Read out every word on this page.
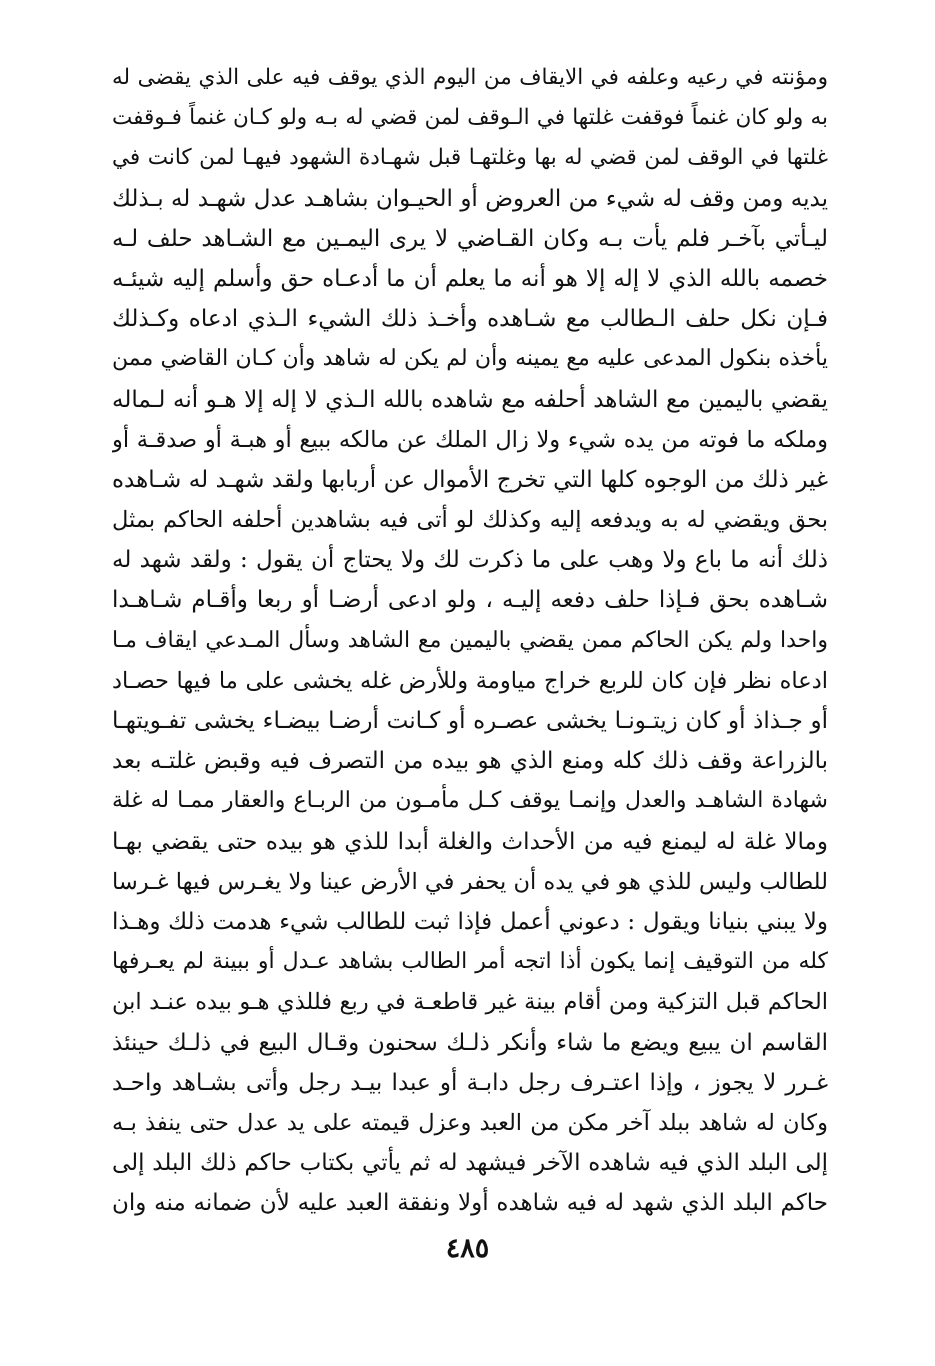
ومؤنته في رعيه وعلفه في الايقاف من اليوم الذي يوقف فيه على الذي يقضى له
به ولو كان غنماً فوقفت غلتها في الـوقف لمن قضي له بـه ولو كـان غنماً فـوقفت
غلتها في الوقف لمن قضي له بها وغلتهـا قبل شهـادة الشهود فيهـا لمن كانت في
يديه ومن وقف له شيء من العروض أو الحيـوان بشاهـد عدل شهـد له بـذلك
ليـأتي بآخـر فلم يأت بـه وكان القـاضي لا يرى اليمـين مع الشـاهد حلف لـه
خصمه بالله الذي لا إله إلا هو أنه ما يعلم أن ما أدعـاه حق وأسلم إليه شيئـه
فـإن نكل حلف الـطالب مع شـاهده وأخـذ ذلك الشيء الـذي ادعاه وكـذلك
يأخذه بنكول المدعى عليه مع يمينه وأن لم يكن له شاهد وأن كـان القاضي ممن
يقضي باليمين مع الشاهد أحلفه مع شاهده بالله الـذي لا إله إلا هـو أنه لـماله
وملكه ما فوته من يده شيء ولا زال الملك عن مالكه ببيع أو هبـة أو صدقـة أو
غير ذلك من الوجوه كلها التي تخرج الأموال عن أربابها ولقد شهـد له شـاهده
بحق ويقضي له به ويدفعه إليه وكذلك لو أتى فيه بشاهدين أحلفه الحاكم بمثل
ذلك أنه ما باع ولا وهب على ما ذكرت لك ولا يحتاج أن يقول : ولقد شهد له
شـاهده بحق فـإذا حلف دفعه إليـه ، ولو ادعى أرضـا أو ربعا وأقـام شـاهـدا
واحدا ولم يكن الحاكم ممن يقضي باليمين مع الشاهد وسأل المـدعي ايقاف مـا
ادعاه نظر فإن كان للربع خراج مياومة وللأرض غله يخشى على ما فيها حصـاد
أو جـذاذ أو كان زيتـونـا يخشى عصـره أو كـانت أرضـا بيضـاء يخشى تفـويتهـا
بالزراعة وقف ذلك كله ومنع الذي هو بيده من التصرف فيه وقبض غلتـه بعد
شهادة الشاهـد والعدل وإنمـا يوقف كـل مأمـون من الربـاع والعقار ممـا له غلة
ومالا غلة له ليمنع فيه من الأحداث والغلة أبدا للذي هو بيده حتى يقضي بهـا
للطالب وليس للذي هو في يده أن يحفر في الأرض عينا ولا يغـرس فيها غـرسا
ولا يبني بنيانا ويقول : دعوني أعمل فإذا ثبت للطالب شيء هدمت ذلك وهـذا
كله من التوقيف إنما يكون أذا اتجه أمر الطالب بشاهد عـدل أو ببينة لم يعـرفها
الحاكم قبل التزكية ومن أقام بينة غير قاطعـة في ربع فللذي هـو بيده عنـد ابن
القاسم ان يبيع ويضع ما شاء وأنكر ذلـك سحنون وقـال البيع في ذلـك حينئذ
غـرر لا يجوز ، وإذا اعتـرف رجل دابـة أو عبدا بيـد رجل وأتى بشـاهد واحـد
وكان له شاهد ببلد آخر مكن من العبد وعزل قيمته على يد عدل حتى ينفذ بـه
إلى البلد الذي فيه شاهده الآخر فيشهد له ثم يأتي بكتاب حاكم ذلك البلد إلى
حاكم البلد الذي شهد له فيه شاهده أولا ونفقة العبد عليه لأن ضمانه منه وان
٤٨٥
